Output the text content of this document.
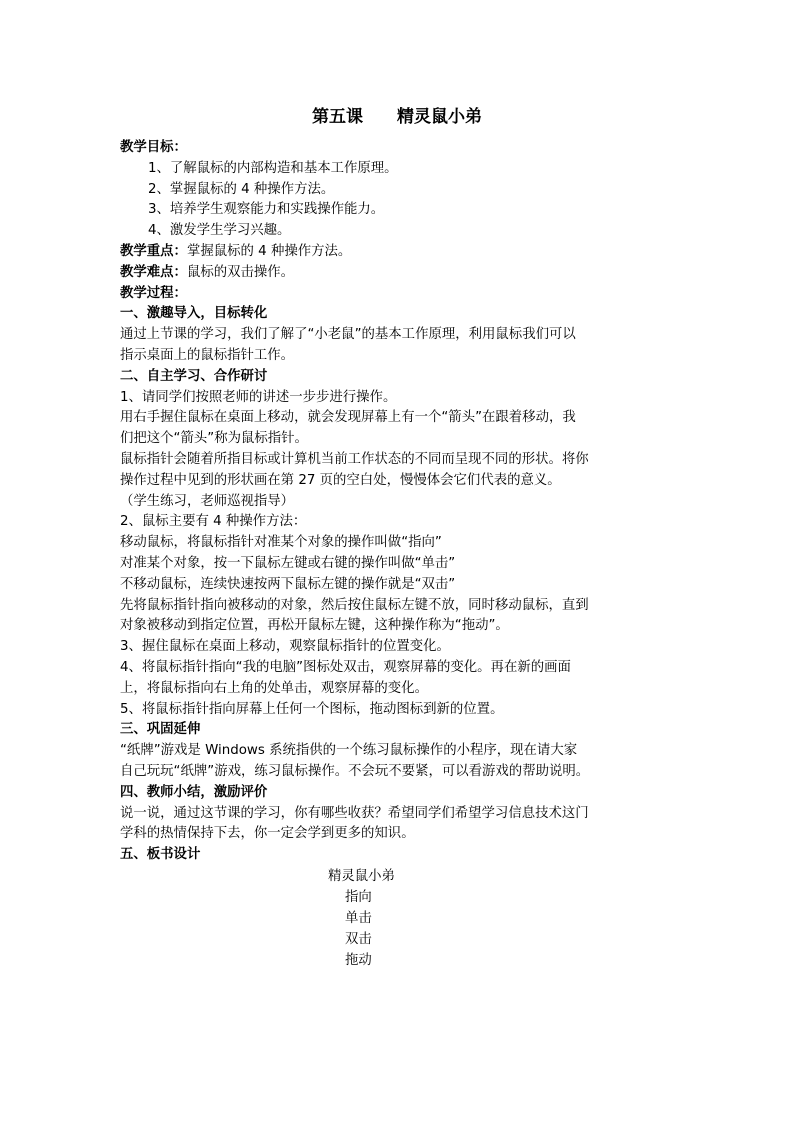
第五课　　精灵鼠小弟
教学目标：
1、了解鼠标的内部构造和基本工作原理。
2、掌握鼠标的 4 种操作方法。
3、培养学生观察能力和实践操作能力。
4、激发学生学习兴趣。
教学重点：掌握鼠标的 4 种操作方法。
教学难点：鼠标的双击操作。
教学过程：
一、激趣导入，目标转化
通过上节课的学习，我们了解了“小老鼠”的基本工作原理，利用鼠标我们可以
指示桌面上的鼠标指针工作。
二、自主学习、合作研讨
1、请同学们按照老师的讲述一步步进行操作。
用右手握住鼠标在桌面上移动，就会发现屏幕上有一个“箭头”在跟着移动，我
们把这个“箭头”称为鼠标指针。
鼠标指针会随着所指目标或计算机当前工作状态的不同而呈现不同的形状。将你
操作过程中见到的形状画在第 27 页的空白处，慢慢体会它们代表的意义。
（学生练习，老师巡视指导）
2、鼠标主要有 4 种操作方法：
移动鼠标，将鼠标指针对准某个对象的操作叫做“指向”
对准某个对象，按一下鼠标左键或右键的操作叫做“单击”
不移动鼠标，连续快速按两下鼠标左键的操作就是“双击”
先将鼠标指针指向被移动的对象，然后按住鼠标左键不放，同时移动鼠标，直到
对象被移动到指定位置，再松开鼠标左键，这种操作称为“拖动”。
3、握住鼠标在桌面上移动，观察鼠标指针的位置变化。
4、将鼠标指针指向“我的电脑”图标处双击，观察屏幕的变化。再在新的画面
上，将鼠标指向右上角的处单击，观察屏幕的变化。
5、将鼠标指针指向屏幕上任何一个图标，拖动图标到新的位置。
三、巩固延伸
“纸牌”游戏是 Windows 系统指供的一个练习鼠标操作的小程序，现在请大家
自己玩玩“纸牌”游戏，练习鼠标操作。不会玩不要紧，可以看游戏的帮助说明。
四、教师小结，激励评价
说一说，通过这节课的学习，你有哪些收获？希望同学们希望学习信息技术这门
学科的热情保持下去，你一定会学到更多的知识。
五、板书设计
精灵鼠小弟
指向
单击
双击
拖动
